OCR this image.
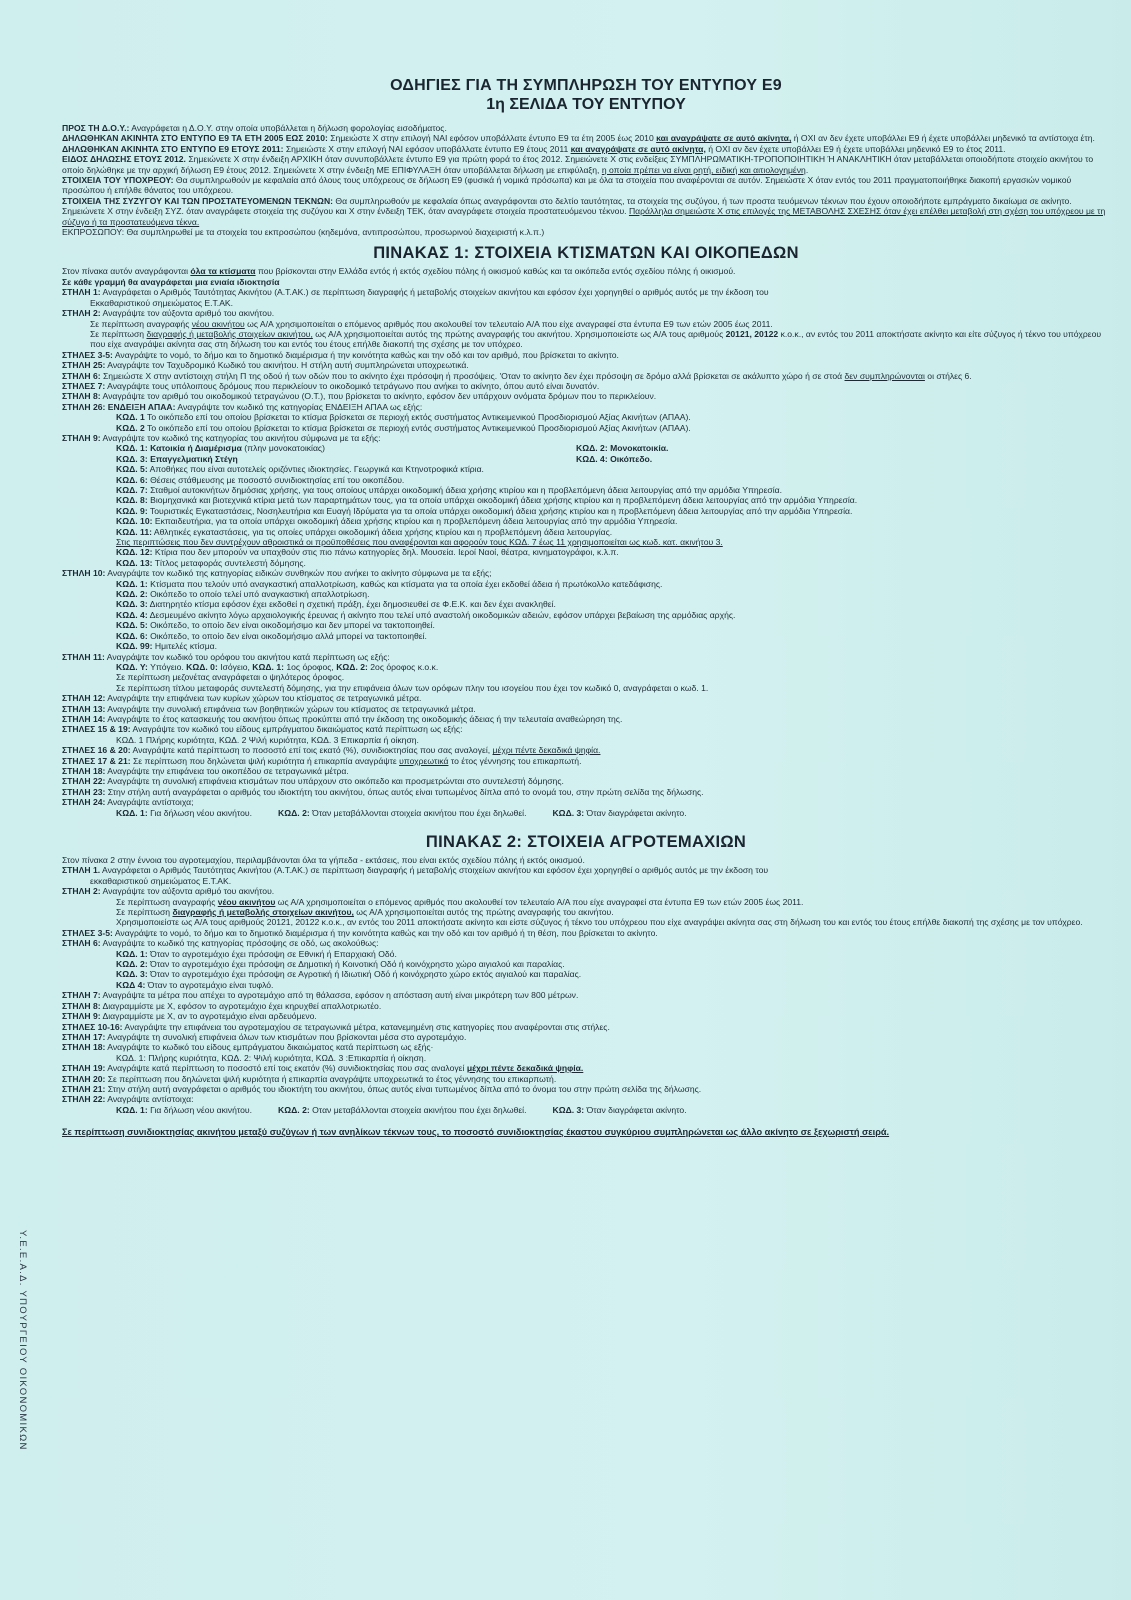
ΟΔΗΓΙΕΣ ΓΙΑ ΤΗ ΣΥΜΠΛΗΡΩΣΗ ΤΟΥ ΕΝΤΥΠΟΥ Ε9
1η ΣΕΛΙΔΑ ΤΟΥ ΕΝΤΥΠΟΥ

ΠΡΟΣ ΤΗ Δ.Ο.Υ.: Αναγράφεται η Δ.Ο.Υ. στην οποία υποβάλλεται η δήλωση φορολογίας εισοδήματος.

ΔΗΛΩΘΗΚΑΝ ΑΚΙΝΗΤΑ ΣΤΟ ΕΝΤΥΠΟ Ε9 ΤΑ ΕΤΗ 2005 ΕΩΣ 2010: Σημειώστε Χ στην επιλογή ΝΑΙ εφόσον υποβάλλατε έντυπο Ε9 τα έτη 2005 έως 2010 και αναγράψατε σε αυτό ακίνητα, ή ΟΧΙ αν δεν έχετε υποβάλλει Ε9 ή έχετε υποβάλλει μηδενικό τα αντίστοιχα έτη.

ΔΗΛΩΘΗΚΑΝ ΑΚΙΝΗΤΑ ΣΤΟ ΕΝΤΥΠΟ Ε9 ΕΤΟΥΣ 2011: Σημειώστε Χ στην επιλογή ΝΑΙ εφόσον υποβάλλατε έντυπο Ε9 έτους 2011 και αναγράψατε σε αυτό ακίνητα, ή ΟΧΙ αν δεν έχετε υποβάλλει Ε9 ή έχετε υποβάλλει μηδενικό Ε9 το έτος 2011.

ΕΙΔΟΣ ΔΗΛΩΣΗΣ ΕΤΟΥΣ 2012. Σημειώνετε Χ στην ένδειξη ΑΡΧΙΚΗ όταν συνυποβάλλετε έντυπο Ε9 για πρώτη φορά το έτος 2012. Σημειώνετε Χ στις ενδείξεις ΣΥΜΠΛΗΡΩΜΑΤΙΚΗ-ΤΡΟΠΟΠΟΙΗΤΙΚΗ Ή ΑΝΑΚΛΗΤΙΚΗ όταν μεταβάλλεται οποιοδήποτε στοιχείο ακινήτου το οποίο δηλώθηκε με την αρχική δήλωση Ε9 έτους 2012. Σημειώνετε Χ στην ένδειξη ΜΕ ΕΠΙΦΥΛΑΞΗ όταν υποβάλλεται δήλωση με επιφύλαξη, η οποία πρέπει να είναι ρητή, ειδική και αιτιολογημένη.

ΣΤΟΙΧΕΙΑ ΤΟΥ ΥΠΟΧΡΕΟΥ: Θα συμπληρωθούν με κεφαλαία από όλους τους υπόχρεους σε δήλωση Ε9 (φυσικά ή νομικά πρόσωπα) και με όλα τα στοιχεία που αναφέρονται σε αυτόν. Σημειώστε Χ όταν εντός του 2011 πραγματοποιήθηκε διακοπή εργασιών νομικού προσώπου ή επήλθε θάνατος του υπόχρεου.

ΣΤΟΙΧΕΙΑ ΤΗΣ ΣΥΖΥΓΟΥ ΚΑΙ ΤΩΝ ΠΡΟΣΤΑΤΕΥΟΜΕΝΩΝ ΤΕΚΝΩΝ: Θα συμπληρωθούν με κεφαλαία όπως αναγράφονται στο δελτίο ταυτότητας, τα στοιχεία της συζύγου, ή των προστα τευόμενων τέκνων που έχουν οποιοδήποτε εμπράγματο δικαίωμα σε ακίνητο. Σημειώνετε Χ στην ένδειξη ΣΥΖ. όταν αναγράφετε στοιχεία της συζύγου και Χ στην ένδειξη ΤΕΚ, όταν αναγράφετε στοιχεία προστατευόμενου τέκνου. Παράλληλα σημειώστε Χ στις επιλογές της ΜΕΤΑΒΟΛΗΣ ΣΧΕΣΗΣ όταν έχει επέλθει μεταβολή στη σχέση του υπόχρεου με τη σύζυγο ή τα προστατευόμενα τέκνα.

ΕΚΠΡΟΣΩΠΟΥ: Θα συμπληρωθεί με τα στοιχεία του εκπροσώπου (κηδεμόνα, αντιπροσώπου, προσωρινού διαχειριστή κ.λ.π.)

ΠΙΝΑΚΑΣ 1: ΣΤΟΙΧΕΙΑ ΚΤΙΣΜΑΤΩΝ ΚΑΙ ΟΙΚΟΠΕΔΩΝ

Στον πίνακα αυτόν αναγράφονται όλα τα κτίσματα που βρίσκονται στην Ελλάδα εντός ή εκτός σχεδίου πόλης ή οικισμού καθώς και τα οικόπεδα εντός σχεδίου πόλης ή οικισμού.

Σε κάθε γραμμή θα αναγράφεται μια ενιαία ιδιοκτησία

ΣΤΗΛΗ 1: Αναγράφεται ο Αριθμός Ταυτότητας Ακινήτου (Α.Τ.ΑΚ.) σε περίπτωση διαγραφής ή μεταβολής στοιχείων ακινήτου και εφόσον έχει χορηγηθεί ο αριθμός αυτός με την έκδοση του

Εκκαθαριστικού σημειώματος Ε.Τ.ΑΚ.

ΣΤΗΛΗ 2: Αναγράψτε τον αύξοντα αριθμό του ακινήτου.

Σε περίπτωση αναγραφής νέου ακινήτου ως Α/Α χρησιμοποιείται ο επόμενος αριθμός που ακολουθεί τον τελευταίο Α/Α που είχε αναγραφεί στα έντυπα Ε9 των ετών 2005 έως 2011.

Σε περίπτωση διαγραφής ή μεταβολής στοιχείων ακινήτου, ως Α/Α χρησιμοποιείται αυτός της πρώτης αναγραφής του ακινήτου. Χρησιμοποιείστε ως Α/Α τους αριθμούς 20121, 20122 κ.ο.κ., αν εντός του 2011 αποκτήσατε ακίνητο και είτε σύζυγος ή τέκνο του υπόχρεου που είχε αναγράψει ακίνητα σας στη δήλωση του και εντός του έτους επήλθε διακοπή της σχέσης με τον υπόχρεο.

ΣΤΗΛΕΣ 3-5: Αναγράψτε το νομό, το δήμο και το δημοτικό διαμέρισμα ή την κοινότητα καθώς και την οδό και τον αριθμό, που βρίσκεται το ακίνητο.

ΣΤΗΛΗ 25: Αναγράψτε τον Ταχυδρομικό Κωδικό του ακινήτου. Η στήλη αυτή συμπληρώνεται υποχρεωτικά.

ΣΤΗΛΗ 6: Σημειώστε Χ στην αντίστοιχη στήλη Π της οδού ή των οδών που το ακίνητο έχει πρόσοψη ή προσόψεις. 'Οταν το ακίνητο δεν έχει πρόσοψη σε δρόμο αλλά βρίσκεται σε ακάλυπτο χώρο ή σε στοά δεν συμπληρώνονται οι στήλες 6.

ΣΤΗΛΕΣ 7: Αναγράψτε τους υπόλοιπους δρόμους που περικλείουν το οικοδομικό τετράγωνο που ανήκει το ακίνητο, όπου αυτό είναι δυνατόν.

ΣΤΗΛΗ 8: Αναγράψτε τον αριθμό του οικοδομικού τετραγώνου (Ο.Τ.), που βρίσκεται το ακίνητο, εφόσον δεν υπάρχουν ονόματα δρόμων που το περικλείουν.

ΣΤΗΛΗ 26: ΕΝΔΕΙΞΗ ΑΠΑΑ: Αναγράψτε τον κωδικό της κατηγορίας ΕΝΔΕΙΞΗ ΑΠΑΑ ως εξής:

ΚΩΔ. 1 Το οικόπεδο επί του οποίου βρίσκεται το κτίσμα βρίσκεται σε περιοχή εκτός συστήματος Αντικειμενικού Προσδιορισμού Αξίας Ακινήτων (ΑΠΑΑ).

ΚΩΔ. 2 Το οικόπεδο επί του οποίου βρίσκεται το κτίσμα βρίσκεται σε περιοχή εντός συστήματος Αντικειμενικού Προσδιορισμού Αξίας Ακινήτων (ΑΠΑΑ).

ΣΤΗΛΗ 9: Αναγράψτε τον κωδικό της κατηγορίας του ακινήτου σύμφωνα με τα εξής:

ΚΩΔ. 1: Κατοικία ή Διαμέρισμα (πλην μονοκατοικίας)	ΚΩΔ. 2: Μονοκατοικία.
ΚΩΔ. 3: Επαγγελματική Στέγη	ΚΩΔ. 4: Οικόπεδο.

ΚΩΔ. 5: Αποθήκες που είναι αυτοτελείς οριζόντιες ιδιοκτησίες. Γεωργικά και Κτηνοτροφικά κτίρια.

ΚΩΔ. 6: Θέσεις στάθμευσης με ποσοστό συνιδιοκτησίας επί του οικοπέδου.

ΚΩΔ. 7: Σταθμοί αυτοκινήτων δημόσιας χρήσης, για τους οποίους υπάρχει οικοδομική άδεια χρήσης κτιρίου και η προβλεπόμενη άδεια λειτουργίας από την αρμόδια Υπηρεσία.

ΚΩΔ. 8: Βιομηχανικά και βιοτεχνικά κτίρια μετά των παραρτημάτων τους, για τα οποία υπάρχει οικοδομική άδεια χρήσης κτιρίου και η προβλεπόμενη άδεια λειτουργίας από την αρμόδια Υπηρεσία.

ΚΩΔ. 9: Τουριστικές Εγκαταστάσεις, Νοσηλευτήρια και Ευαγή Ιδρύματα για τα οποία υπάρχει οικοδομική άδεια χρήσης κτιρίου και η προβλεπόμενη άδεια λειτουργίας από την αρμόδια Υπηρεσία.

ΚΩΔ. 10: Εκπαιδευτήρια, για τα οποία υπάρχει οικοδομική άδεια χρήσης κτιρίου και η προβλεπόμενη άδεια λειτουργίας από την αρμόδια Υπηρεσία.

ΚΩΔ. 11: Αθλητικές εγκαταστάσεις, για τις οποίες υπάρχει οικοδομική άδεια χρήσης κτιρίου και η προβλεπόμενη άδεια λειτουργίας.

Στις περιπτώσεις που δεν συντρέχουν αθροιστικά οι προϋποθέσεις που αναφέρονται και αφορούν τους ΚΩΔ. 7 έως 11 χρησιμοποιείται ως κωδ. κατ. ακινήτου 3.

ΚΩΔ. 12: Κτίρια που δεν μπορούν να υπαχθούν στις πιο πάνω κατηγορίες δηλ. Μουσεία. Ιεροί Ναοί, θέατρα, κινηματογράφοι, κ.λ.π.

ΚΩΔ. 13: Τίτλος μεταφοράς συντελεστή δόμησης.

ΣΤΗΛΗ 10: Αναγράψτε τον κωδικό της κατηγορίας ειδικών συνθηκών που ανήκει το ακίνητο σύμφωνα με τα εξής;

ΚΩΔ. 1: Κτίσματα που τελούν υπό αναγκαστική απαλλοτρίωση, καθώς και κτίσματα για τα οποία έχει εκδοθεί άδεια ή πρωτόκολλο κατεδάφισης.

ΚΩΔ. 2: Οικόπεδο το οποίο τελεί υπό αναγκαστική απαλλοτρίωση.

ΚΩΔ. 3: Διατηρητέο κτίσμα εφόσον έχει εκδοθεί η σχετική πράξη, έχει δημοσιευθεί σε Φ.Ε.Κ. και δεν έχει ανακληθεί.

ΚΩΔ. 4: Δεσμευμένο ακίνητο λόγω αρχαιολογικής έρευνας ή ακίνητο που τελεί υπό αναστολή οικοδομικών αδειών, εφόσον υπάρχει βεβαίωση της αρμόδιας αρχής.

ΚΩΔ. 5: Οικόπεδο, το οποίο δεν είναι οικοδομήσιμο και δεν μπορεί να τακτοποιηθεί.

ΚΩΔ. 6: Οικόπεδο, το οποίο δεν είναι οικοδομήσιμο αλλά μπορεί να τακτοποιηθεί.

ΚΩΔ. 99: Ημιτελές κτίσμα.

ΣΤΗΛΗ 11: Αναγράψτε τον κωδικό του ορόφου του ακινήτου κατά περίπτωση ως εξής:

ΚΩΔ. Υ: Υπόγειο. ΚΩΔ. 0: Ισόγειο, ΚΩΔ. 1: 1ος όροφος, ΚΩΔ. 2: 2ος όροφος κ.ο.κ.

Σε περίπτωση μεζονέτας αναγράφεται ο ψηλότερος όροφος.

Σε περίπτωση τίτλου μεταφοράς συντελεστή δόμησης, για την επιφάνεια όλων των ορόφων πλην του ισογείου που έχει τον κωδικό 0, αναγράφεται ο κωδ. 1.

ΣΤΗΛΗ 12: Αναγράψτε την επιφάνεια των κυρίων χώρων του κτίσματος σε τετραγωνικά μέτρα.

ΣΤΗΛΗ 13: Αναγράψτε την συνολική επιφάνεια των βοηθητικών χώρων του κτίσματος σε τετραγωνικά μέτρα.

ΣΤΗΛΗ 14: Αναγράψτε το έτος κατασκευής του ακινήτου όπως προκύπτει από την έκδοση της οικοδομικής άδειας ή την τελευταία αναθεώρηση της.

ΣΤΗΛΕΣ 15 & 19: Αναγράψτε τον κωδικό του είδους εμπράγματου δικαιώματος κατά περίπτωση ως εξής:

ΚΩΔ. 1 Πλήρης κυριότητα, ΚΩΔ. 2 Ψιλή κυριότητα, ΚΩΔ. 3 Επικαρπία ή οίκηση.

ΣΤΗΛΕΣ 16 & 20: Αναγράψτε κατά περίπτωση το ποσοστό επί τοις εκατό (%), συνιδιοκτησίας που σας αναλογεί, μέχρι πέντε δεκαδικά ψηφία.

ΣΤΗΛΕΣ 17 & 21: Σε περίπτωση που δηλώνεται ψιλή κυριότητα ή επικαρπία αναγράψτε υποχρεωτικά το έτος γέννησης του επικαρπωτή.

ΣΤΗΛΗ 18: Αναγράψτε την επιφάνεια του οικοπέδου σε τετραγωνικά μέτρα.

ΣΤΗΛΗ 22: Αναγράψτε τη συνολική επιφάνεια κτισμάτων που υπάρχουν στο οικόπεδο και προσμετρώνται στο συντελεστή δόμησης.

ΣΤΗΛΗ 23: Στην στήλη αυτή αναγράφεται ο αριθμός του ιδιοκτήτη του ακινήτου, όπως αυτός είναι τυπωμένος δίπλα από το ονομά του, στην πρώτη σελίδα της δήλωσης.

ΣΤΗΛΗ 24: Αναγράψτε αντίστοιχα;

ΚΩΔ. 1: Για δήλωση νέου ακινήτου.	ΚΩΔ. 2: Όταν μεταβάλλονται στοιχεία ακινήτου που έχει δηλωθεί.	ΚΩΔ. 3: Όταν διαγράφεται ακίνητο.
ΠΙΝΑΚΑΣ 2: ΣΤΟΙΧΕΙΑ ΑΓΡΟΤΕΜΑΧΙΩΝ

Στον πίνακα 2 στην έννοια του αγροτεμαχίου, περιλαμβάνονται όλα τα γήπεδα - εκτάσεις, που είναι εκτός σχεδίου πόλης ή εκτός οικισμού.

ΣΤΗΛΗ 1. Αναγράφεται ο Αριθμός Ταυτότητας Ακινήτου (Α.Τ.ΑΚ.) σε περίπτωση διαγραφής ή μεταβολής στοιχείων ακινήτου και εφόσον έχει χορηγηθεί ο αριθμός αυτός με την έκδοση του

εκκαθαριστικού σημειώματος Ε.Τ.ΑΚ.

ΣΤΗΛΗ 2: Αναγράψτε τον αύξοντα αριθμό του ακινήτου.

Σε περίπτωση αναγραφής νέου ακινήτου ως Α/Α χρησιμοποιείται ο επόμενος αριθμός που ακολουθεί τον τελευταίο Α/Α που είχε αναγραφεί στα έντυπα Ε9 των ετών 2005 έως 2011.

Σε περίπτωση διαγραφής ή μεταβολής στοιχείων ακινήτου, ως Α/Α χρησιμοποιείται αυτός της πρώτης αναγραφής του ακινήτου.

Χρησιμοποιείστε ως Α/Α τους αριθμούς 20121, 20122 κ.ο.κ., αν εντός του 2011 αποκτήσατε ακίνητο και είστε σύζυγος ή τέκνο του υπόχρεου που είχε αναγράψει ακίνητα σας στη δήλωση του και εντός του έτους επήλθε διακοπή της σχέσης με τον υπόχρεο.

ΣΤΗΛΕΣ 3-5: Αναγράψτε το νομό, το δήμο και το δημοτικό διαμέρισμα ή την κοινότητα καθώς και την οδό και τον αριθμό ή τη θέση, που βρίσκεται το ακίνητο.

ΣΤΗΛΗ 6: Αναγράψτε το κωδικό της κατηγορίας πρόσοψης σε οδό, ως ακολούθως:

ΚΩΔ. 1: Όταν το αγροτεμάχιο έχει πρόσοψη σε Εθνική ή Επαρχιακή Οδό.

ΚΩΔ. 2: Όταν το αγροτεμάχιο έχει πρόσοψη σε Δημοτική ή Κοινοτική Οδό ή κοινόχρηστο χώρο αιγιαλού και παραλίας.

ΚΩΔ. 3: Όταν το αγροτεμάχιο έχει πρόσοψη σε Αγροτική ή Ιδιωτική Οδό ή κοινόχρηστο χώρο εκτός αιγιαλού και παραλίας.

ΚΩΔ 4: Όταν το αγροτεμάχιο είναι τυφλό.

ΣΤΗΛΗ 7: Αναγράψτε τα μέτρα που απέχει το αγροτεμάχιο από τη θάλασσα, εφόσον η απόσταση αυτή είναι μικρότερη των 800 μέτρων.

ΣΤΗΛΗ 8: Διαγραμμίστε με Χ, εφόσον το αγροτεμάχιο έχει κηρυχθεί απαλλοτριωτέο.

ΣΤΗΛΗ 9: Διαγραμμίστε με Χ, αν το αγροτεμάχιο είναι αρδευόμενο.

ΣΤΗΛΕΣ 10-16: Αναγράψτε την επιφάνεια του αγροτεμαχίου σε τετραγωνικά μέτρα, κατανεμημένη στις κατηγορίες που αναφέρονται στις στήλες.

ΣΤΗΛΗ 17: Αναγράψτε τη συνολική επιφάνεια όλων των κτισμάτων που βρίσκονται μέσα στο αγροτεμάχιο.

ΣΤΗΛΗ 18: Αναγράψτε το κωδικό του είδους εμπράγματου δικαιώματος κατά περίπτωση ως εξής·

ΚΩΔ. 1: Πλήρης κυριότητα, ΚΩΔ. 2: Ψιλή κυριότητα, ΚΩΔ. 3 :Επικαρπία ή οίκηση.

ΣΤΗΛΗ 19: Αναγράψτε κατά περίπτωση το ποσοστό επί τοις εκατόν (%) συνιδιοκτησίας που σας αναλογεί μέχρι πέντε δεκαδικά ψηφία.

ΣΤΗΛΗ 20: Σε περίπτωση που δηλώνεται ψιλή κυριότητα ή επικαρπία αναγράψτε υποχρεωτικά το έτος γέννησης του επικαρπωτή.

ΣΤΗΛΗ 21: Στην στήλη αυτή αναγράφεται ο αριθμός του ιδιοκτήτη του ακινήτου, όπως αυτός είναι τυπωμένος δίπλα από το όνομα του στην πρώτη σελίδα της δήλωσης.

ΣΤΗΛΗ 22: Αναγράψτε αντίστοιχα:

ΚΩΔ. 1: Για δήλωση νέου ακινήτου.	ΚΩΔ. 2: Οταν μεταβάλλονται στοιχεία ακινήτου που έχει δηλωθεί.	ΚΩΔ. 3: Όταν διαγράφεται ακίνητο.

Σε περίπτωση συνιδιοκτησίας ακινήτου μεταξύ συζύγων ή των ανηλίκων τέκνων τους, το ποσοστό συνιδιοκτησίας έκαστου συγκύριου συμπληρώνεται ως άλλο ακίνητο σε ξεχωριστή σειρά.

Υ.Ε.Ε.Α.Δ. ΥΠΟΥΡΓΕΙΟΥ ΟΙΚΟΝΟΜΙΚΩΝ
